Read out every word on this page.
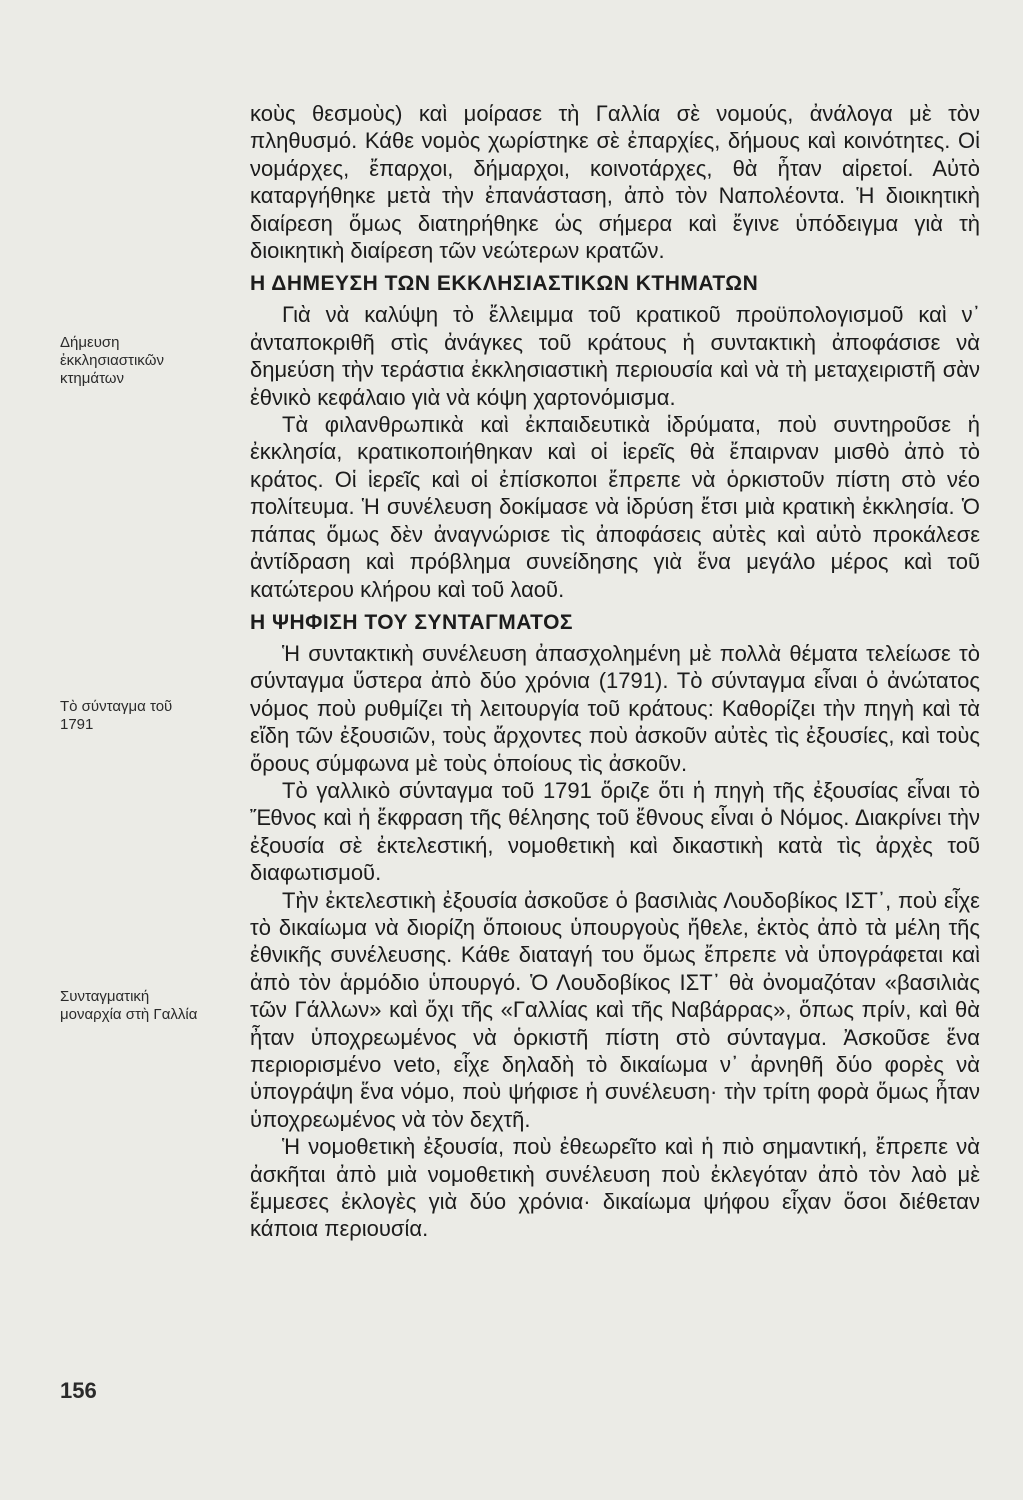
Δήμευση
ἐκκλησιαστικῶν
κτημάτων
Τὸ σύνταγμα τοῦ
1791
Συνταγματική
μοναρχία στὴ Γαλλία

κοὺς θεσμοὺς) καὶ μοίρασε τὴ Γαλλία σὲ νομούς, ἀνάλογα μὲ τὸν πληθυσμό. Κάθε νομὸς χωρίστηκε σὲ ἐπαρχίες, δήμους καὶ κοινότητες. Οἱ νομάρχες, ἔπαρχοι, δήμαρχοι, κοινοτάρχες, θὰ ἦταν αἱρετοί. Αὐτὸ καταργήθηκε μετὰ τὴν ἐπανάσταση, ἀπὸ τὸν Ναπολέοντα. Ἡ διοικητικὴ διαίρεση ὅμως διατηρήθηκε ὡς σήμερα καὶ ἔγινε ὑπόδειγμα γιὰ τὴ διοικητικὴ διαίρεση τῶν νεώτερων κρατῶν.

Η ΔΗΜΕΥΣΗ ΤΩΝ ΕΚΚΛΗΣΙΑΣΤΙΚΩΝ ΚΤΗΜΑΤΩΝ

Γιὰ νὰ καλύψη τὸ ἔλλειμμα τοῦ κρατικοῦ προϋπολογισμοῦ καὶ ν᾽ ἀνταποκριθῆ στὶς ἀνάγκες τοῦ κράτους ἡ συντακτικὴ ἀποφάσισε νὰ δημεύση τὴν τεράστια ἐκκλησιαστικὴ περιουσία καὶ νὰ τὴ μεταχειριστῆ σὰν ἐθνικὸ κεφάλαιο γιὰ νὰ κόψη χαρτονόμισμα.

Τὰ φιλανθρωπικὰ καὶ ἐκπαιδευτικὰ ἱδρύματα, ποὺ συντηροῦσε ἡ ἐκκλησία, κρατικοποιήθηκαν καὶ οἱ ἱερεῖς θὰ ἔπαιρναν μισθὸ ἀπὸ τὸ κράτος. Οἱ ἱερεῖς καὶ οἱ ἐπίσκοποι ἔπρεπε νὰ ὁρκιστοῦν πίστη στὸ νέο πολίτευμα. Ἡ συνέλευση δοκίμασε νὰ ἱδρύση ἔτσι μιὰ κρατικὴ ἐκκλησία. Ὁ πάπας ὅμως δὲν ἀναγνώρισε τὶς ἀποφάσεις αὐτὲς καὶ αὐτὸ προκάλεσε ἀντίδραση καὶ πρόβλημα συνείδησης γιὰ ἕνα μεγάλο μέρος καὶ τοῦ κατώτερου κλήρου καὶ τοῦ λαοῦ.

Η ΨΗΦΙΣΗ ΤΟΥ ΣΥΝΤΑΓΜΑΤΟΣ

Ἡ συντακτικὴ συνέλευση ἀπασχολημένη μὲ πολλὰ θέματα τελείωσε τὸ σύνταγμα ὕστερα ἀπὸ δύο χρόνια (1791). Τὸ σύνταγμα εἶναι ὁ ἀνώτατος νόμος ποὺ ρυθμίζει τὴ λειτουργία τοῦ κράτους: Καθορίζει τὴν πηγὴ καὶ τὰ εἴδη τῶν ἐξουσιῶν, τοὺς ἄρχοντες ποὺ ἀσκοῦν αὐτὲς τὶς ἐξουσίες, καὶ τοὺς ὅρους σύμφωνα μὲ τοὺς ὁποίους τὶς ἀσκοῦν.

Τὸ γαλλικὸ σύνταγμα τοῦ 1791 ὅριζε ὅτι ἡ πηγὴ τῆς ἐξουσίας εἶναι τὸ Ἔθνος καὶ ἡ ἔκφραση τῆς θέλησης τοῦ ἔθνους εἶναι ὁ Νόμος. Διακρίνει τὴν ἐξουσία σὲ ἐκτελεστική, νομοθετικὴ καὶ δικαστικὴ κατὰ τὶς ἀρχὲς τοῦ διαφωτισμοῦ.

Τὴν ἐκτελεστικὴ ἐξουσία ἀσκοῦσε ὁ βασιλιὰς Λουδοβίκος ΙΣΤ᾽, ποὺ εἶχε τὸ δικαίωμα νὰ διορίζη ὅποιους ὑπουργοὺς ἤθελε, ἐκτὸς ἀπὸ τὰ μέλη τῆς ἐθνικῆς συνέλευσης. Κάθε διαταγή του ὅμως ἔπρεπε νὰ ὑπογράφεται καὶ ἀπὸ τὸν ἁρμόδιο ὑπουργό. Ὁ Λουδοβίκος ΙΣΤ᾽ θὰ ὀνομαζόταν «βασιλιὰς τῶν Γάλλων» καὶ ὄχι τῆς «Γαλλίας καὶ τῆς Ναβάρρας», ὅπως πρίν, καὶ θὰ ἦταν ὑποχρεωμένος νὰ ὁρκιστῆ πίστη στὸ σύνταγμα. Ἀσκοῦσε ἕνα περιορισμένο veto, εἶχε δηλαδὴ τὸ δικαίωμα ν᾽ ἀρνηθῆ δύο φορὲς νὰ ὑπογράψη ἕνα νόμο, ποὺ ψήφισε ἡ συνέλευση· τὴν τρίτη φορὰ ὅμως ἦταν ὑποχρεωμένος νὰ τὸν δεχτῆ.

Ἡ νομοθετικὴ ἐξουσία, ποὺ ἐθεωρεῖτο καὶ ἡ πιὸ σημαντική, ἔπρεπε νὰ ἀσκῆται ἀπὸ μιὰ νομοθετικὴ συνέλευση ποὺ ἐκλεγόταν ἀπὸ τὸν λαὸ μὲ ἔμμεσες ἐκλογὲς γιὰ δύο χρόνια· δικαίωμα ψήφου εἶχαν ὅσοι διέθεταν κάποια περιουσία.

156
